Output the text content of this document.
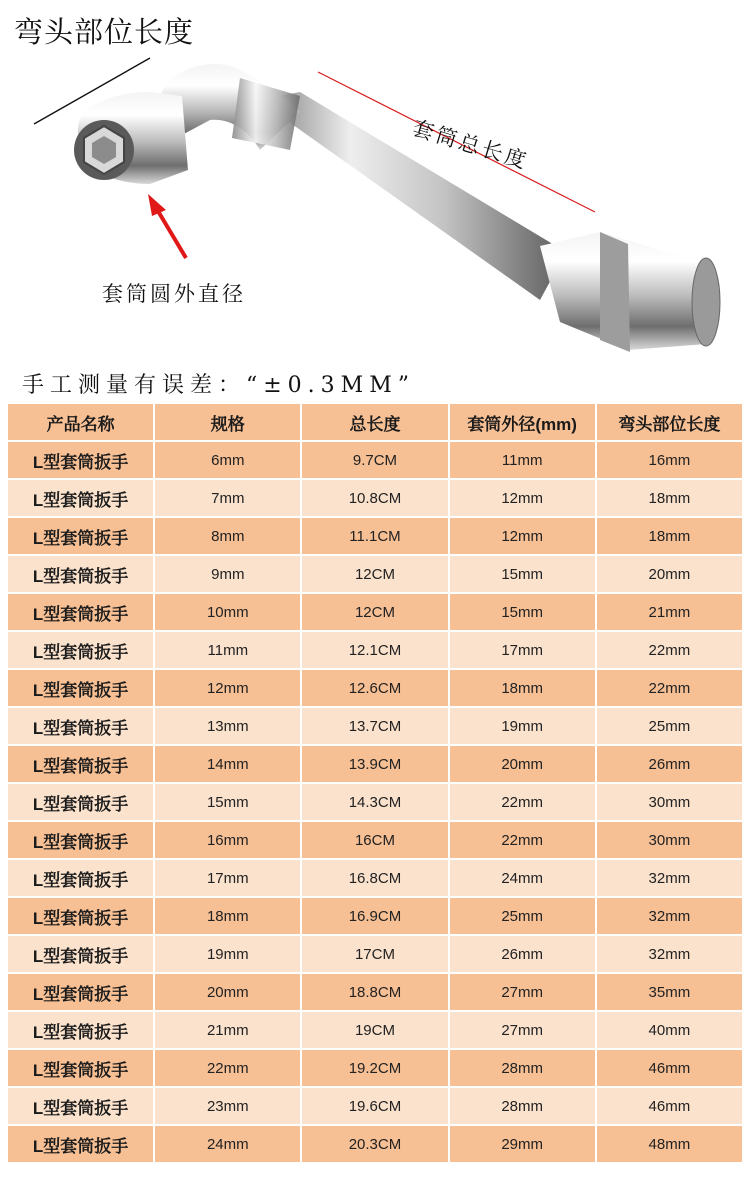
弯头部位长度
套筒总长度
套筒圆外直径
手工测量有误差：“±0.3MM”
产品名称	规格	总长度	套筒外径(mm)	弯头部位长度
L型套筒扳手	6mm	9.7CM	11mm	16mm
L型套筒扳手	7mm	10.8CM	12mm	18mm
L型套筒扳手	8mm	11.1CM	12mm	18mm
L型套筒扳手	9mm	12CM	15mm	20mm
L型套筒扳手	10mm	12CM	15mm	21mm
L型套筒扳手	11mm	12.1CM	17mm	22mm
L型套筒扳手	12mm	12.6CM	18mm	22mm
L型套筒扳手	13mm	13.7CM	19mm	25mm
L型套筒扳手	14mm	13.9CM	20mm	26mm
L型套筒扳手	15mm	14.3CM	22mm	30mm
L型套筒扳手	16mm	16CM	22mm	30mm
L型套筒扳手	17mm	16.8CM	24mm	32mm
L型套筒扳手	18mm	16.9CM	25mm	32mm
L型套筒扳手	19mm	17CM	26mm	32mm
L型套筒扳手	20mm	18.8CM	27mm	35mm
L型套筒扳手	21mm	19CM	27mm	40mm
L型套筒扳手	22mm	19.2CM	28mm	46mm
L型套筒扳手	23mm	19.6CM	28mm	46mm
L型套筒扳手	24mm	20.3CM	29mm	48mm
